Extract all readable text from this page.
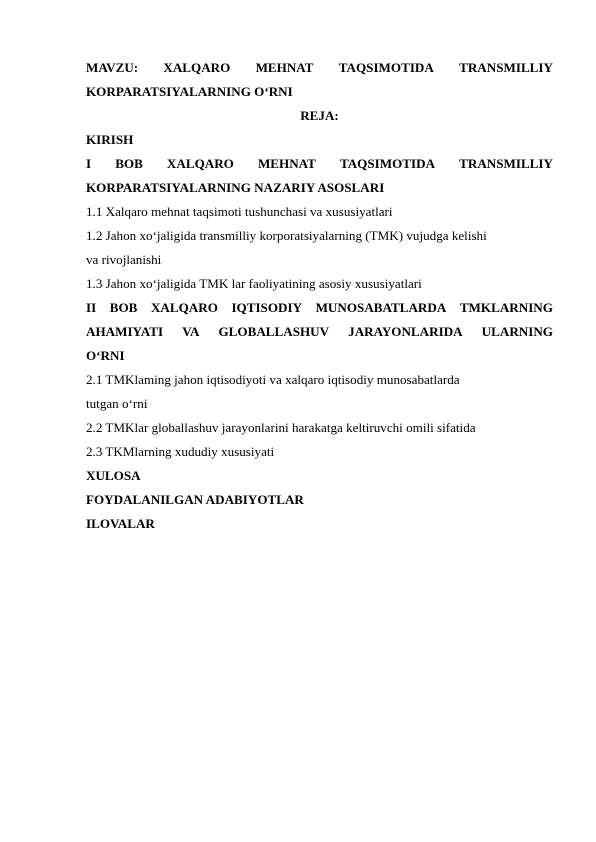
MAVZU: XALQARO MEHNAT TAQSIMOTIDA TRANSMILLIY
KORPARATSIYALARNING O‘RNI
REJA:
KIRISH
I BOB XALQARO MEHNAT TAQSIMOTIDA TRANSMILLIY
KORPARATSIYALARNING NAZARIY ASOSLARI
1.1 Xalqaro mehnat taqsimoti tushunchasi va xususiyatlari
1.2 Jahon xo‘jaligida transmilliy korporatsiyalarning (TMK) vujudga kelishi
va rivojlanishi
1.3 Jahon xo‘jaligida TMK lar faoliyatining asosiy xususiyatlari
II BOB XALQARO IQTISODIY MUNOSABATLARDA TMKLARNING
AHAMIYATI VA GLOBALLASHUV JARAYONLARIDA ULARNING
O‘RNI
2.1 TMKlaming jahon iqtisodiyoti va xalqaro iqtisodiy munosabatlarda
tutgan o‘rni
2.2 TMKlar globallashuv jarayonlarini harakatga keltiruvchi omili sifatida
2.3 TKMlarning xududiy xususiyati
XULOSA
FOYDALANILGAN ADABIYOTLAR
ILOVALAR
